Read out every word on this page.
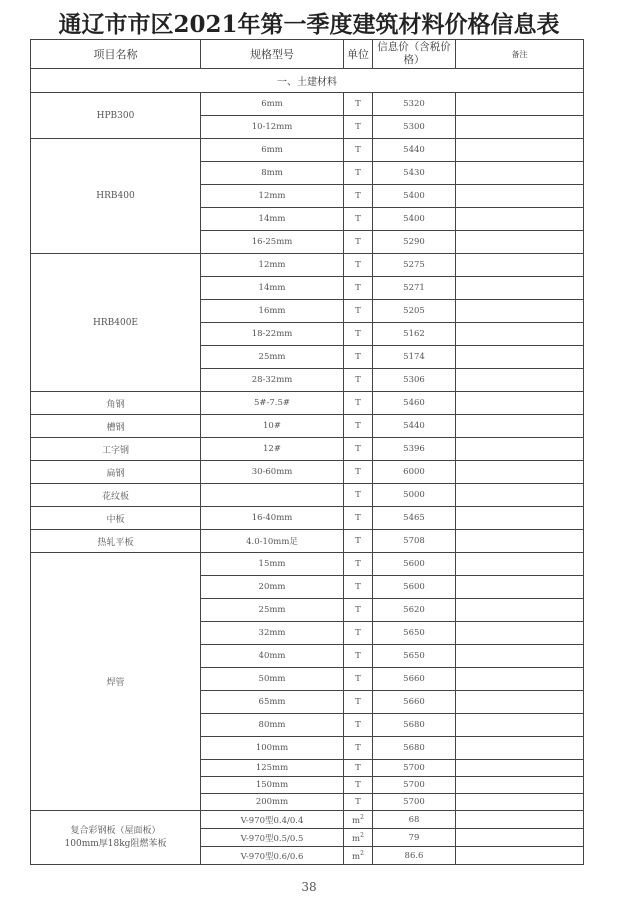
通辽市市区2021年第一季度建筑材料价格信息表
项目名称	规格型号	单位	信息价（含税价格）	备注
一、土建材料				
HPB300	6mm	T	5320	
	10-12mm	T	5300	
HRB400	6mm	T	5440	
	8mm	T	5430	
	12mm	T	5400	
	14mm	T	5400	
	16-25mm	T	5290	
HRB400E	12mm	T	5275	
	14mm	T	5271	
	16mm	T	5205	
	18-22mm	T	5162	
	25mm	T	5174	
	28-32mm	T	5306	
角钢	5#-7.5#	T	5460	
槽钢	10#	T	5440	
工字钢	12#	T	5396	
扁钢	30-60mm	T	6000	
花纹板		T	5000	
中板	16-40mm	T	5465	
热轧平板	4.0-10mm足	T	5708	
焊管	15mm	T	5600	
	20mm	T	5600	
	25mm	T	5620	
	32mm	T	5650	
	40mm	T	5650	
	50mm	T	5660	
	65mm	T	5660	
	80mm	T	5680	
	100mm	T	5680	
	125mm	T	5700	
	150mm	T	5700	
	200mm	T	5700	

复合彩钢板（屋面板）
100mm厚18kg阻燃苯板	V-970型0.4/0.4	$m^2$	68	
	V-970型0.5/0.5	$m^2$	79	
	V-970型0.6/0.6	$m^2$	86.6	
38
